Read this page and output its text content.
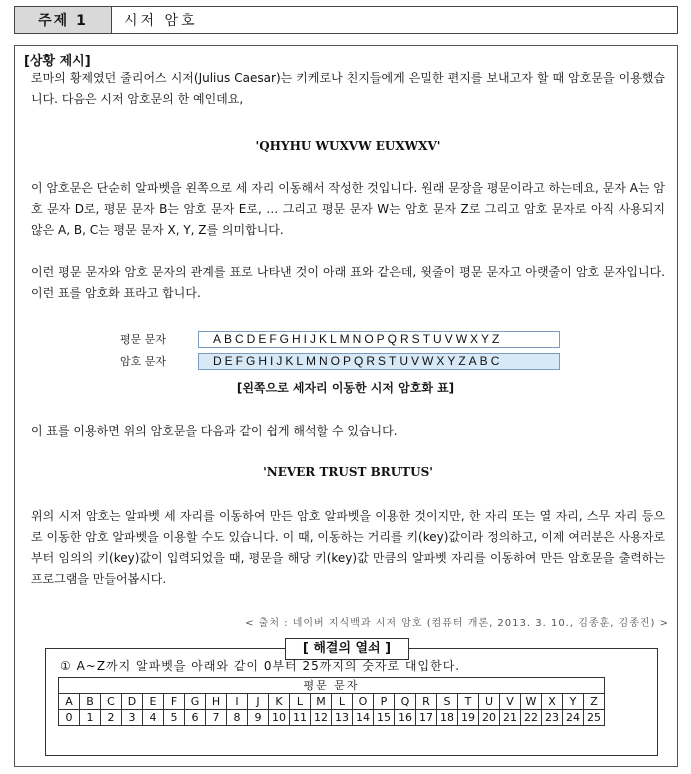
주제 1	시저 암호
[상황 제시]

로마의 황제였던 줄리어스 시저(Julius Caesar)는 키케로나 친지들에게 은밀한 편지를 보내고자 할 때 암호문을 이용했습니다. 다음은 시저 암호문의 한 예인데요,

'QHYHU WUXVW EUXWXV'

이 암호문은 단순히 알파벳을 왼쪽으로 세 자리 이동해서 작성한 것입니다. 원래 문장을 평문이라고 하는데요, 문자 A는 암호 문자 D로, 평문 문자 B는 암호 문자 E로, … 그리고 평문 문자 W는 암호 문자 Z로 그리고 암호 문자로 아직 사용되지 않은 A, B, C는 평문 문자 X, Y, Z를 의미합니다.

이런 평문 문자와 암호 문자의 관계를 표로 나타낸 것이 아래 표와 같은데, 윗줄이 평문 문자고 아랫줄이 암호 문자입니다. 이런 표를 암호화 표라고 합니다.

평문 문자	ABCDEFGHIJKLMNOPQRSTUVWXYZ
암호 문자	DEFGHIJKLMNOPQRSTUVWXYZABC
[왼쪽으로 세자리 이동한 시저 암호화 표]

이 표를 이용하면 위의 암호문을 다음과 같이 쉽게 해석할 수 있습니다.

'NEVER TRUST BRUTUS'

위의 시저 암호는 알파벳 세 자리를 이동하여 만든 암호 알파벳을 이용한 것이지만, 한 자리 또는 열 자리, 스무 자리 등으로 이동한 암호 알파벳을 이용할 수도 있습니다. 이 때, 이동하는 거리를 키(key)값이라 정의하고, 이제 여러분은 사용자로부터 임의의 키(key)값이 입력되었을 때, 평문을 해당 키(key)값 만큼의 알파벳 자리를 이동하여 만든 암호문을 출력하는 프로그램을 만들어봅시다.

< 출처 : 네이버 지식백과 시저 암호 (컴퓨터 개론, 2013. 3. 10., 김종훈, 김종진) >
[ 해결의 열쇠 ]
① A~Z까지 알파벳을 아래와 같이 0부터 25까지의 숫자로 대입한다.
평문 문자																									
A	B	C	D	E	F	G	H	I	J	K	L	M	L	O	P	Q	R	S	T	U	V	W	X	Y	Z
0	1	2	3	4	5	6	7	8	9	10	11	12	13	14	15	16	17	18	19	20	21	22	23	24	25
